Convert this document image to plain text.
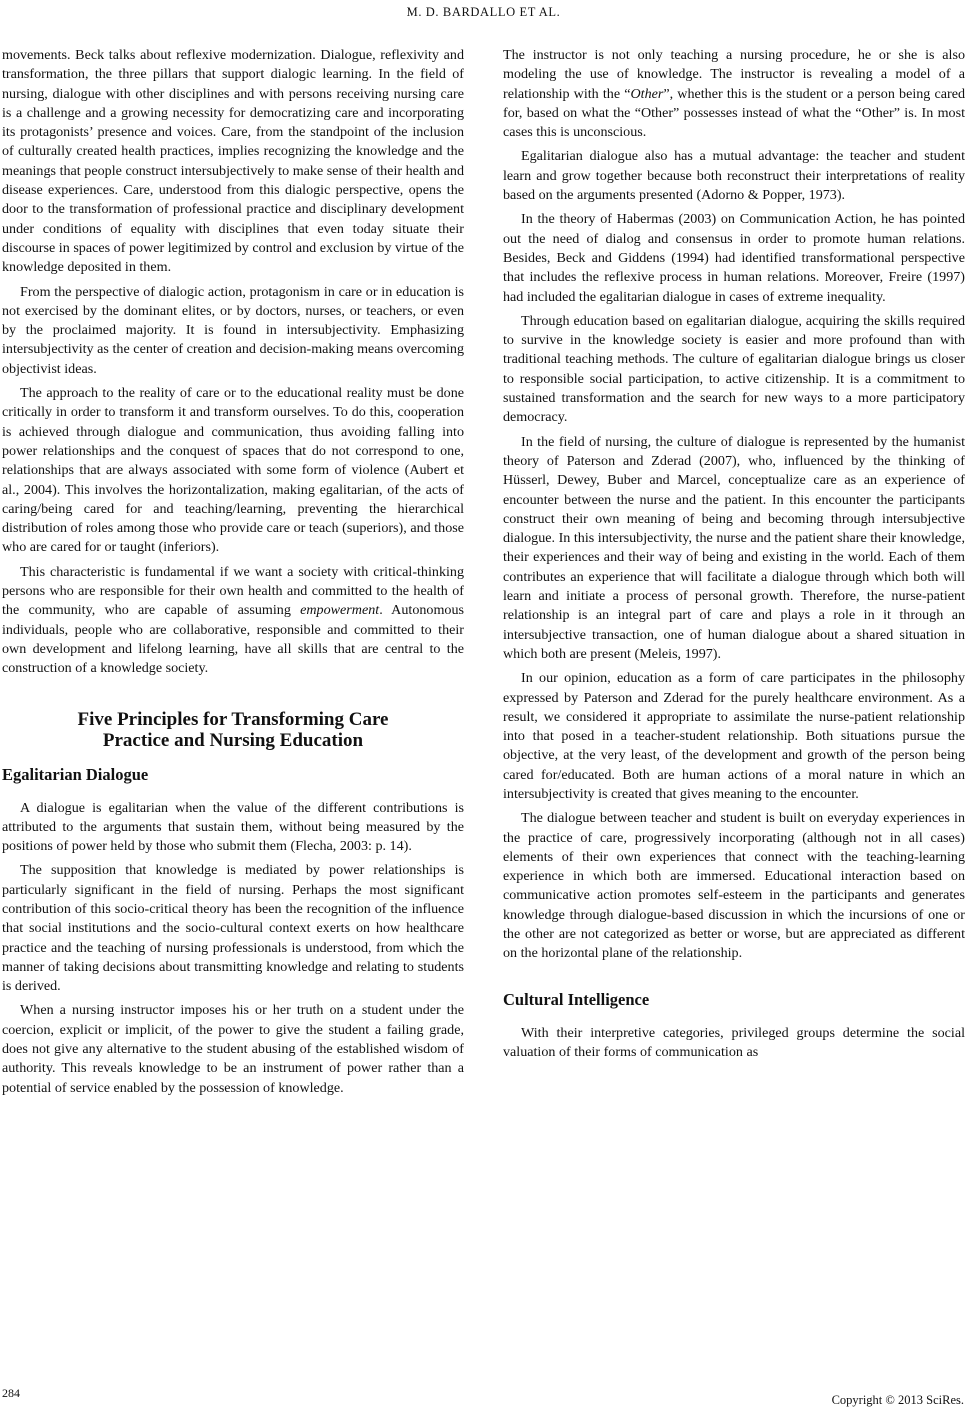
M. D. BARDALLO ET AL.

movements. Beck talks about reflexive modernization. Dialogue, reflexivity and transformation, the three pillars that support dialogic learning. In the field of nursing, dialogue with other disciplines and with persons receiving nursing care is a challenge and a growing necessity for democratizing care and incorporating its protagonists’ presence and voices. Care, from the standpoint of the inclusion of culturally created health practices, implies recognizing the knowledge and the meanings that people construct intersubjectively to make sense of their health and disease experiences. Care, understood from this dialogic perspective, opens the door to the transformation of professional practice and disciplinary development under conditions of equality with disciplines that even today situate their discourse in spaces of power legitimized by control and exclusion by virtue of the knowledge deposited in them.

From the perspective of dialogic action, protagonism in care or in education is not exercised by the dominant elites, or by doctors, nurses, or teachers, or even by the proclaimed majority. It is found in intersubjectivity. Emphasizing intersubjectivity as the center of creation and decision-making means overcoming objectivist ideas.

The approach to the reality of care or to the educational reality must be done critically in order to transform it and transform ourselves. To do this, cooperation is achieved through dialogue and communication, thus avoiding falling into power relationships and the conquest of spaces that do not correspond to one, relationships that are always associated with some form of violence (Aubert et al., 2004). This involves the horizontalization, making egalitarian, of the acts of caring/being cared for and teaching/learning, preventing the hierarchical distribution of roles among those who provide care or teach (superiors), and those who are cared for or taught (inferiors).

This characteristic is fundamental if we want a society with critical-thinking persons who are responsible for their own health and committed to the health of the community, who are capable of assuming empowerment. Autonomous individuals, people who are collaborative, responsible and committed to their own development and lifelong learning, have all skills that are central to the construction of a knowledge society.

Five Principles for Transforming Care
Practice and Nursing Education
Egalitarian Dialogue

A dialogue is egalitarian when the value of the different contributions is attributed to the arguments that sustain them, without being measured by the positions of power held by those who submit them (Flecha, 2003: p. 14).

The supposition that knowledge is mediated by power relationships is particularly significant in the field of nursing. Perhaps the most significant contribution of this socio-critical theory has been the recognition of the influence that social institutions and the socio-cultural context exerts on how healthcare practice and the teaching of nursing professionals is understood, from which the manner of taking decisions about transmitting knowledge and relating to students is derived.

When a nursing instructor imposes his or her truth on a student under the coercion, explicit or implicit, of the power to give the student a failing grade, does not give any alternative to the student abusing of the established wisdom of authority. This reveals knowledge to be an instrument of power rather than a potential of service enabled by the possession of knowledge.

The instructor is not only teaching a nursing procedure, he or she is also modeling the use of knowledge. The instructor is revealing a model of a relationship with the “Other”, whether this is the student or a person being cared for, based on what the “Other” possesses instead of what the “Other” is. In most cases this is unconscious.

Egalitarian dialogue also has a mutual advantage: the teacher and student learn and grow together because both reconstruct their interpretations of reality based on the arguments presented (Adorno & Popper, 1973).

In the theory of Habermas (2003) on Communication Action, he has pointed out the need of dialog and consensus in order to promote human relations. Besides, Beck and Giddens (1994) had identified transformational perspective that includes the reflexive process in human relations. Moreover, Freire (1997) had included the egalitarian dialogue in cases of extreme inequality.

Through education based on egalitarian dialogue, acquiring the skills required to survive in the knowledge society is easier and more profound than with traditional teaching methods. The culture of egalitarian dialogue brings us closer to responsible social participation, to active citizenship. It is a commitment to sustained transformation and the search for new ways to a more participatory democracy.

In the field of nursing, the culture of dialogue is represented by the humanist theory of Paterson and Zderad (2007), who, influenced by the thinking of Hüsserl, Dewey, Buber and Marcel, conceptualize care as an experience of encounter between the nurse and the patient. In this encounter the participants construct their own meaning of being and becoming through intersubjective dialogue. In this intersubjectivity, the nurse and the patient share their knowledge, their experiences and their way of being and existing in the world. Each of them contributes an experience that will facilitate a dialogue through which both will learn and initiate a process of personal growth. Therefore, the nurse-patient relationship is an integral part of care and plays a role in it through an intersubjective transaction, one of human dialogue about a shared situation in which both are present (Meleis, 1997).

In our opinion, education as a form of care participates in the philosophy expressed by Paterson and Zderad for the purely healthcare environment. As a result, we considered it appropriate to assimilate the nurse-patient relationship into that posed in a teacher-student relationship. Both situations pursue the objective, at the very least, of the development and growth of the person being cared for/educated. Both are human actions of a moral nature in which an intersubjectivity is created that gives meaning to the encounter.

The dialogue between teacher and student is built on everyday experiences in the practice of care, progressively incorporating (although not in all cases) elements of their own experiences that connect with the teaching-learning experience in which both are immersed. Educational interaction based on communicative action promotes self-esteem in the participants and generates knowledge through dialogue-based discussion in which the incursions of one or the other are not categorized as better or worse, but are appreciated as different on the horizontal plane of the relationship.

Cultural Intelligence

With their interpretive categories, privileged groups determine the social valuation of their forms of communication as

284	Copyright © 2013 SciRes.
